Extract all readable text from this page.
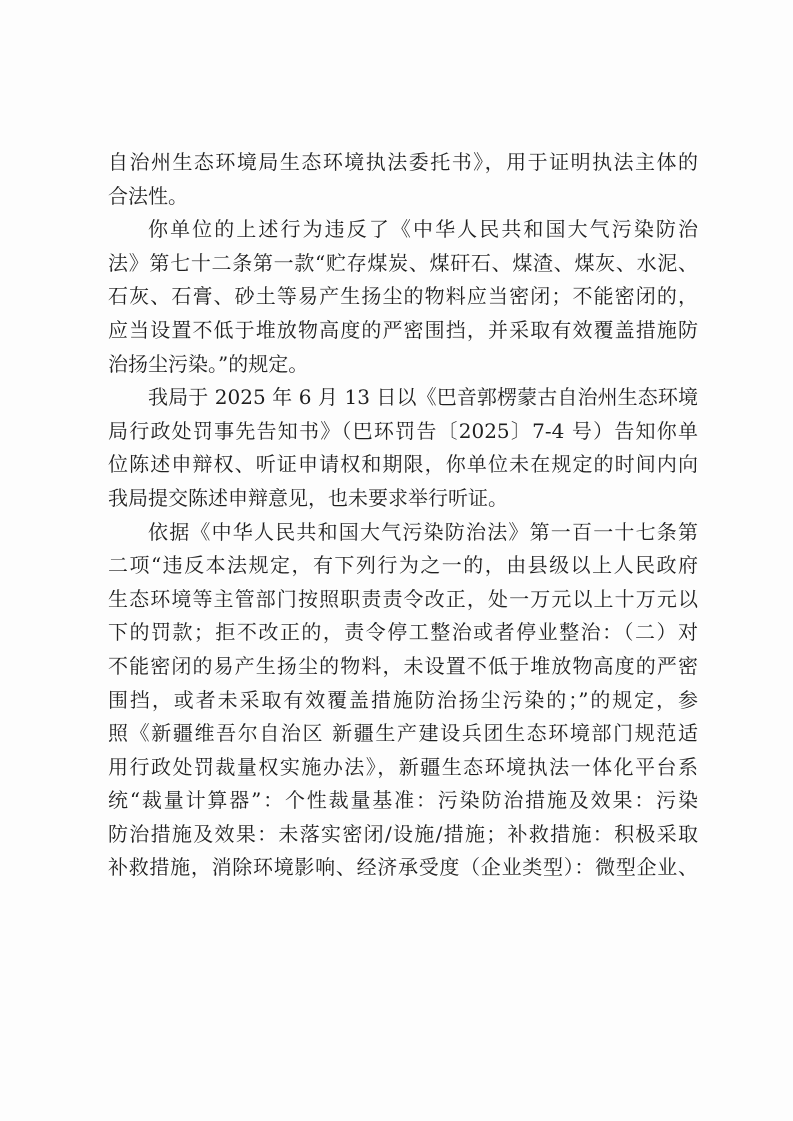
自治州生态环境局生态环境执法委托书》，用于证明执法主体的
合法性。
你单位的上述行为违反了《中华人民共和国大气污染防治
法》第七十二条第一款“贮存煤炭、煤矸石、煤渣、煤灰、水泥、
石灰、石膏、砂土等易产生扬尘的物料应当密闭；不能密闭的，
应当设置不低于堆放物高度的严密围挡，并采取有效覆盖措施防
治扬尘污染。”的规定。
我局于 2025 年 6 月 13 日以《巴音郭楞蒙古自治州生态环境
局行政处罚事先告知书》（巴环罚告〔2025〕7-4 号）告知你单
位陈述申辩权、听证申请权和期限，你单位未在规定的时间内向
我局提交陈述申辩意见，也未要求举行听证。
依据《中华人民共和国大气污染防治法》第一百一十七条第
二项“违反本法规定，有下列行为之一的，由县级以上人民政府
生态环境等主管部门按照职责责令改正，处一万元以上十万元以
下的罚款；拒不改正的，责令停工整治或者停业整治：（二）对
不能密闭的易产生扬尘的物料，未设置不低于堆放物高度的严密
围挡，或者未采取有效覆盖措施防治扬尘污染的；”的规定，参
照《新疆维吾尔自治区 新疆生产建设兵团生态环境部门规范适
用行政处罚裁量权实施办法》，新疆生态环境执法一体化平台系
统“裁量计算器”：个性裁量基准：污染防治措施及效果：污染
防治措施及效果：未落实密闭/设施/措施；补救措施：积极采取
补救措施，消除环境影响、经济承受度（企业类型）：微型企业、
